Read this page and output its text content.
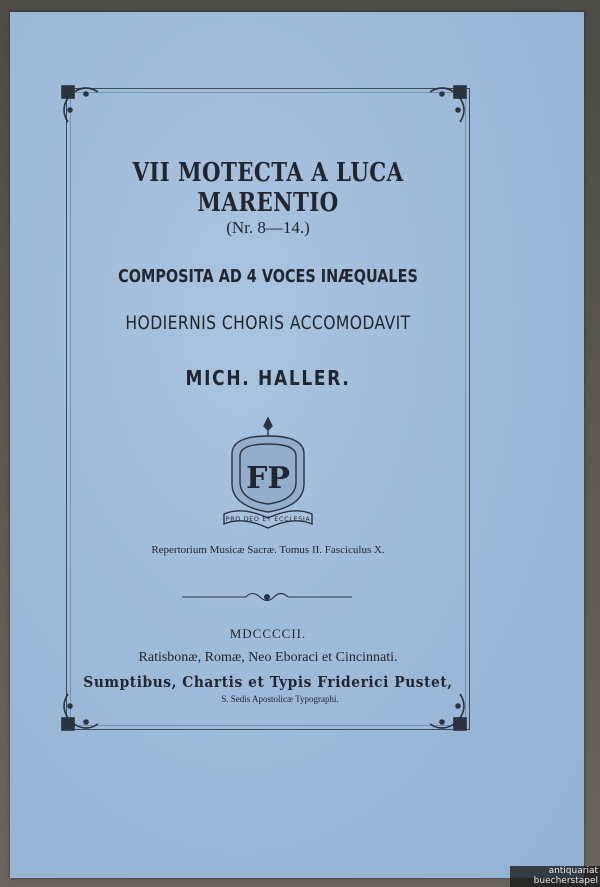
VII MOTECTA A LUCA MARENTIO
(Nr. 8—14.)
COMPOSITA AD 4 VOCES INÆQUALES
HODIERNIS CHORIS ACCOMODAVIT
MICH. HALLER.
FP
PRO DEO ET ECCLESIA
Repertorium Musicæ Sacræ. Tomus II. Fasciculus X.
MDCCCCII.
Ratisbonæ, Romæ, Neo Eboraci et Cincinnati.
Sumptibus, Chartis et Typis Friderici Pustet,
S. Sedis Apostolicæ Typographi.
antiquariat
buecherstapel
